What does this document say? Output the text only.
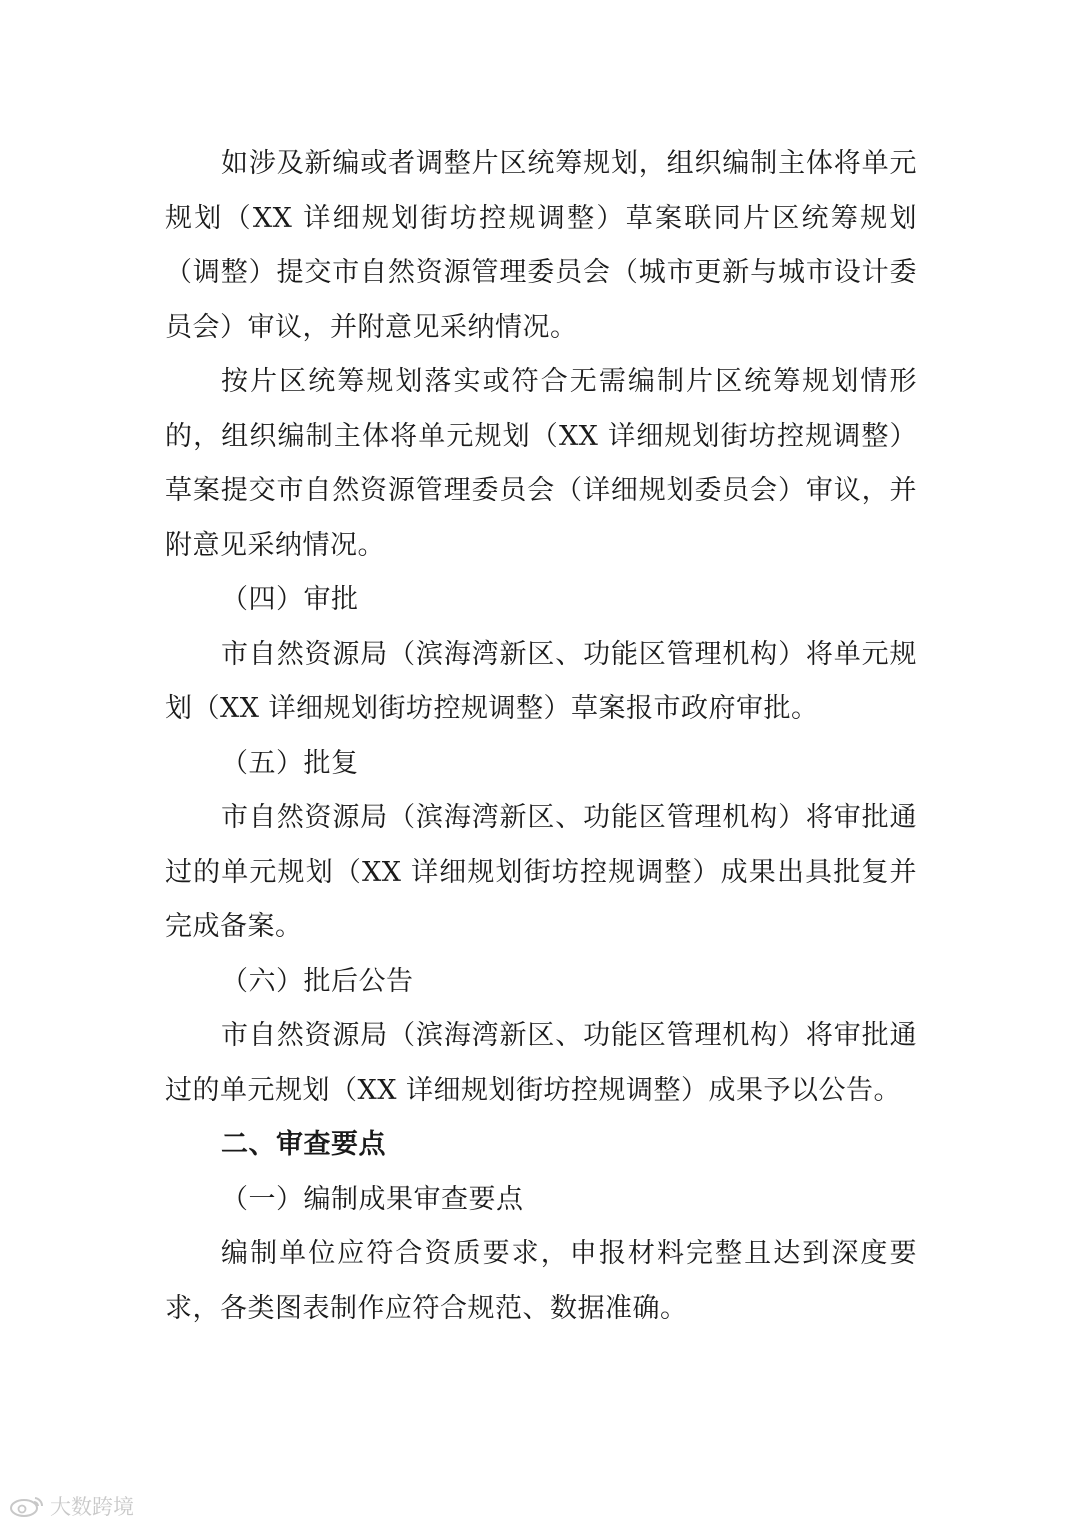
如涉及新编或者调整片区统筹规划，组织编制主体将单元规划（XX 详细规划街坊控规调整）草案联同片区统筹规划（调整）提交市自然资源管理委员会（城市更新与城市设计委员会）审议，并附意见采纳情况。

按片区统筹规划落实或符合无需编制片区统筹规划情形的，组织编制主体将单元规划（XX 详细规划街坊控规调整）草案提交市自然资源管理委员会（详细规划委员会）审议，并附意见采纳情况。

（四）审批

市自然资源局（滨海湾新区、功能区管理机构）将单元规划（XX 详细规划街坊控规调整）草案报市政府审批。

（五）批复

市自然资源局（滨海湾新区、功能区管理机构）将审批通过的单元规划（XX 详细规划街坊控规调整）成果出具批复并完成备案。

（六）批后公告

市自然资源局（滨海湾新区、功能区管理机构）将审批通过的单元规划（XX 详细规划街坊控规调整）成果予以公告。

二、审查要点

（一）编制成果审查要点

编制单位应符合资质要求，申报材料完整且达到深度要求，各类图表制作应符合规范、数据准确。

大数跨境
